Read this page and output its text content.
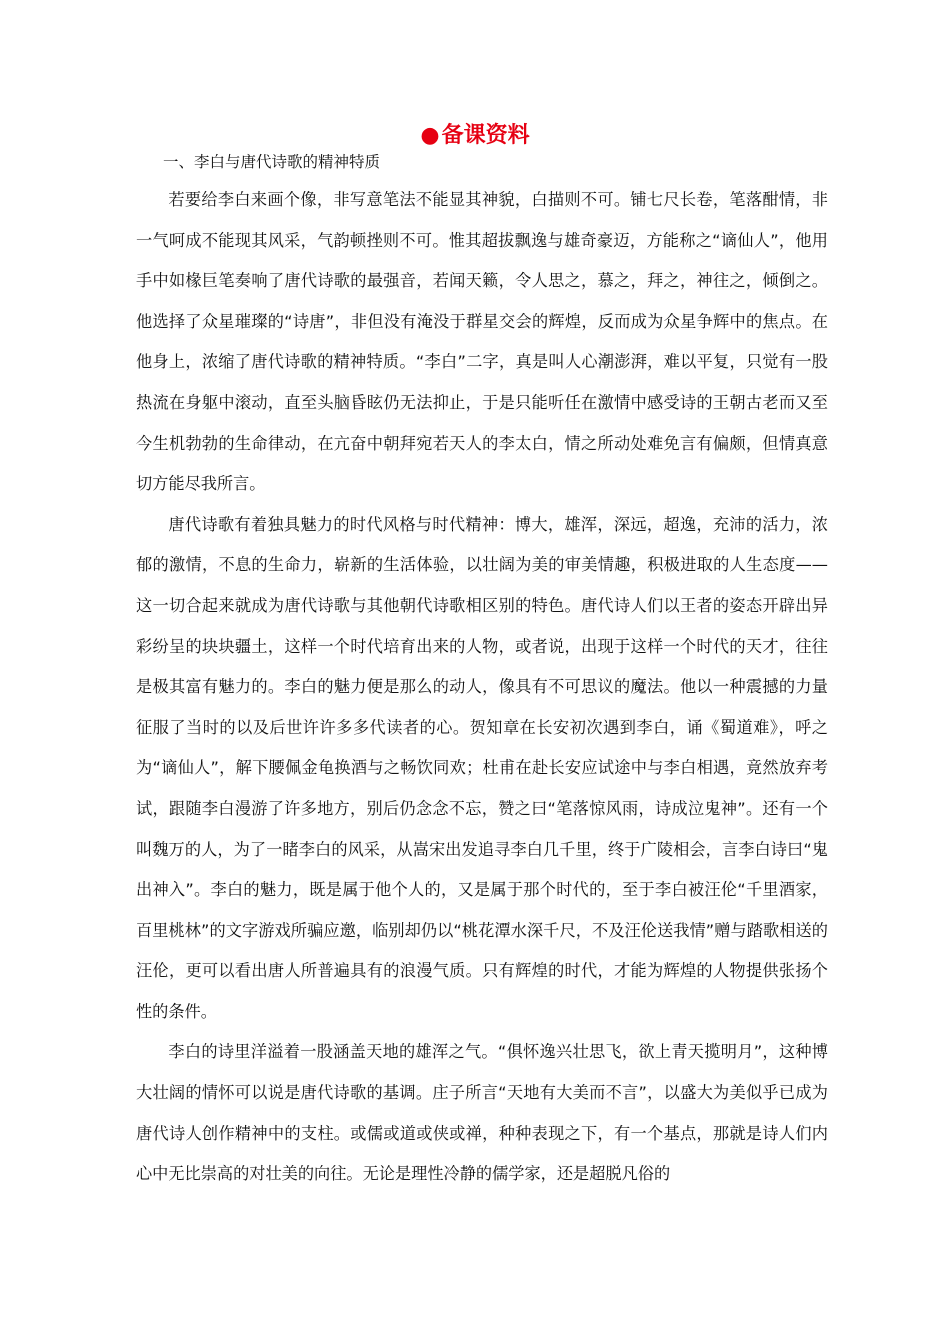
●备课资料
一、李白与唐代诗歌的精神特质

若要给李白来画个像，非写意笔法不能显其神貌，白描则不可。铺七尺长卷，笔落酣情，非一气呵成不能现其风采，气韵顿挫则不可。惟其超拔飘逸与雄奇豪迈，方能称之“谪仙人”，他用手中如椽巨笔奏响了唐代诗歌的最强音，若闻天籁，令人思之，慕之，拜之，神往之，倾倒之。他选择了众星璀璨的“诗唐”，非但没有淹没于群星交会的辉煌，反而成为众星争辉中的焦点。在他身上，浓缩了唐代诗歌的精神特质。“李白”二字，真是叫人心潮澎湃，难以平复，只觉有一股热流在身躯中滚动，直至头脑昏眩仍无法抑止，于是只能听任在激情中感受诗的王朝古老而又至今生机勃勃的生命律动，在亢奋中朝拜宛若天人的李太白，情之所动处难免言有偏颇，但情真意切方能尽我所言。

唐代诗歌有着独具魅力的时代风格与时代精神：博大，雄浑，深远，超逸，充沛的活力，浓郁的激情，不息的生命力，崭新的生活体验，以壮阔为美的审美情趣，积极进取的人生态度——这一切合起来就成为唐代诗歌与其他朝代诗歌相区别的特色。唐代诗人们以王者的姿态开辟出异彩纷呈的块块疆土，这样一个时代培育出来的人物，或者说，出现于这样一个时代的天才，往往是极其富有魅力的。李白的魅力便是那么的动人，像具有不可思议的魔法。他以一种震撼的力量征服了当时的以及后世许许多多代读者的心。贺知章在长安初次遇到李白，诵《蜀道难》，呼之为“谪仙人”，解下腰佩金龟换酒与之畅饮同欢；杜甫在赴长安应试途中与李白相遇，竟然放弃考试，跟随李白漫游了许多地方，别后仍念念不忘，赞之曰“笔落惊风雨，诗成泣鬼神”。还有一个叫魏万的人，为了一睹李白的风采，从嵩宋出发追寻李白几千里，终于广陵相会，言李白诗曰“鬼出神入”。李白的魅力，既是属于他个人的，又是属于那个时代的，至于李白被汪伦“千里酒家，百里桃林”的文字游戏所骗应邀，临别却仍以“桃花潭水深千尺，不及汪伦送我情”赠与踏歌相送的汪伦，更可以看出唐人所普遍具有的浪漫气质。只有辉煌的时代，才能为辉煌的人物提供张扬个性的条件。

李白的诗里洋溢着一股涵盖天地的雄浑之气。“俱怀逸兴壮思飞，欲上青天揽明月”，这种博大壮阔的情怀可以说是唐代诗歌的基调。庄子所言“天地有大美而不言”，以盛大为美似乎已成为唐代诗人创作精神中的支柱。或儒或道或侠或禅，种种表现之下，有一个基点，那就是诗人们内心中无比崇高的对壮美的向往。无论是理性冷静的儒学家，还是超脱凡俗的
